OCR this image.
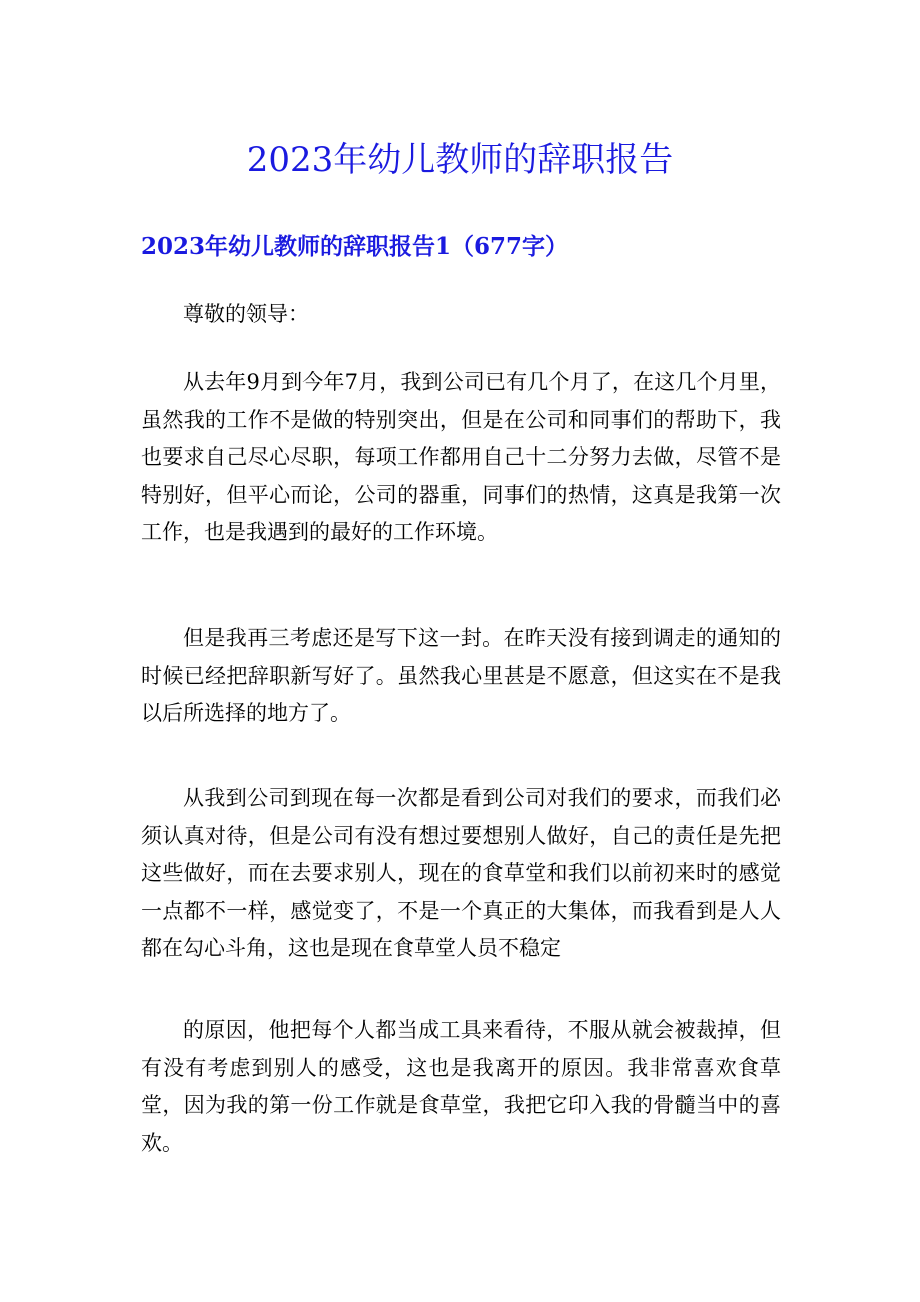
2023年幼儿教师的辞职报告
2023年幼儿教师的辞职报告1（677字）

尊敬的领导：

从去年9月到今年7月，我到公司已有几个月了，在这几个月里，虽然我的工作不是做的特别突出，但是在公司和同事们的帮助下，我也要求自己尽心尽职，每项工作都用自己十二分努力去做，尽管不是特别好，但平心而论，公司的器重，同事们的热情，这真是我第一次工作，也是我遇到的最好的工作环境。

但是我再三考虑还是写下这一封。在昨天没有接到调走的通知的时候已经把辞职新写好了。虽然我心里甚是不愿意，但这实在不是我以后所选择的地方了。

从我到公司到现在每一次都是看到公司对我们的要求，而我们必须认真对待，但是公司有没有想过要想别人做好，自己的责任是先把这些做好，而在去要求别人，现在的食草堂和我们以前初来时的感觉一点都不一样，感觉变了，不是一个真正的大集体，而我看到是人人都在勾心斗角，这也是现在食草堂人员不稳定

的原因，他把每个人都当成工具来看待，不服从就会被裁掉，但有没有考虑到别人的感受，这也是我离开的原因。我非常喜欢食草堂，因为我的第一份工作就是食草堂，我把它印入我的骨髓当中的喜欢。
